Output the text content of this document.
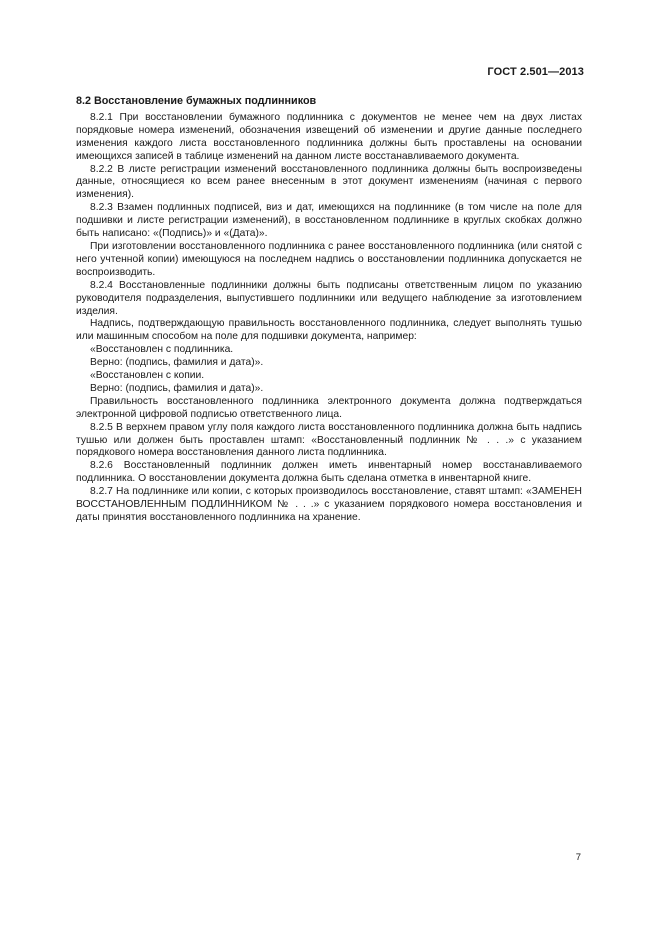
ГОСТ 2.501—2013
8.2 Восстановление бумажных подлинников

8.2.1 При восстановлении бумажного подлинника с документов не менее чем на двух листах порядковые номера изменений, обозначения извещений об изменении и другие данные последнего изменения каждого листа восстановленного подлинника должны быть проставлены на основании имеющихся записей в таблице изменений на данном листе восстанавливаемого документа.

8.2.2 В листе регистрации изменений восстановленного подлинника должны быть воспроизведены данные, относящиеся ко всем ранее внесенным в этот документ изменениям (начиная с первого изменения).

8.2.3 Взамен подлинных подписей, виз и дат, имеющихся на подлиннике (в том числе на поле для подшивки и листе регистрации изменений), в восстановленном подлиннике в круглых скобках должно быть написано: «(Подпись)» и «(Дата)».

При изготовлении восстановленного подлинника с ранее восстановленного подлинника (или снятой с него учтенной копии) имеющуюся на последнем надпись о восстановлении подлинника допускается не воспроизводить.

8.2.4 Восстановленные подлинники должны быть подписаны ответственным лицом по указанию руководителя подразделения, выпустившего подлинники или ведущего наблюдение за изготовлением изделия.

Надпись, подтверждающую правильность восстановленного подлинника, следует выполнять тушью или машинным способом на поле для подшивки документа, например:

«Восстановлен с подлинника.

Верно: (подпись, фамилия и дата)».

«Восстановлен с копии.

Верно: (подпись, фамилия и дата)».

Правильность восстановленного подлинника электронного документа должна подтверждаться электронной цифровой подписью ответственного лица.

8.2.5 В верхнем правом углу поля каждого листа восстановленного подлинника должна быть надпись тушью или должен быть проставлен штамп: «Восстановленный подлинник № . . .» с указанием порядкового номера восстановления данного листа подлинника.

8.2.6 Восстановленный подлинник должен иметь инвентарный номер восстанавливаемого подлинника. О восстановлении документа должна быть сделана отметка в инвентарной книге.

8.2.7 На подлиннике или копии, с которых производилось восстановление, ставят штамп: «ЗАМЕНЕН ВОССТАНОВЛЕННЫМ ПОДЛИННИКОМ № . . .» с указанием порядкового номера восстановления и даты принятия восстановленного подлинника на хранение.

7
